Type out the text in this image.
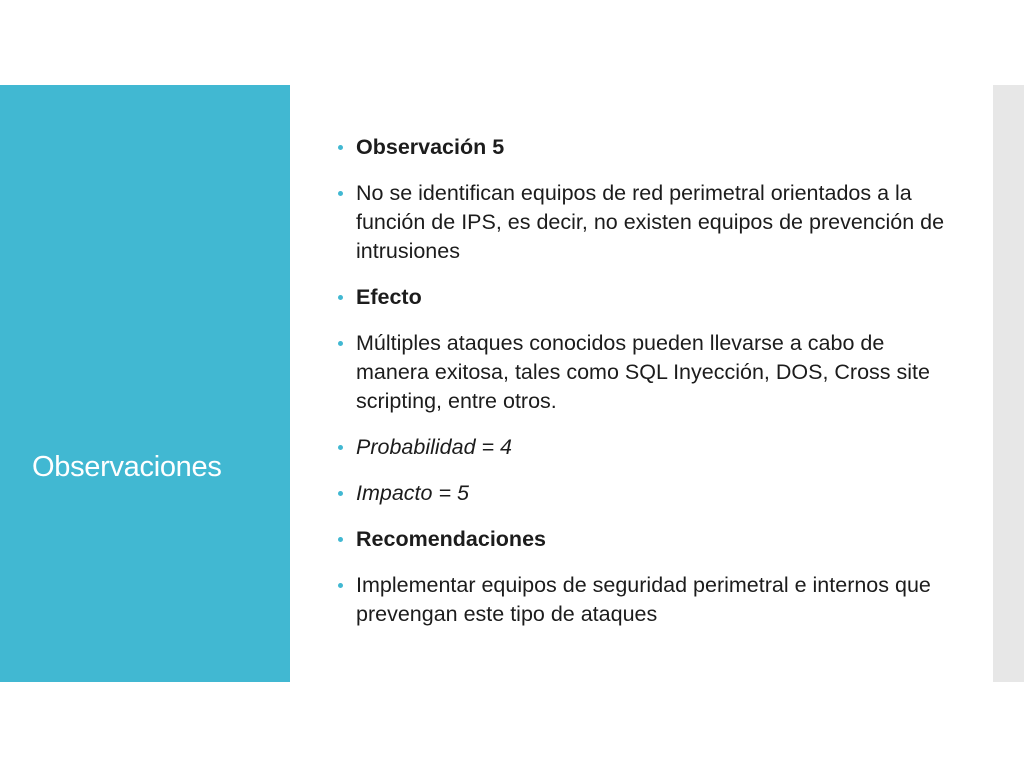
Observaciones
Observación 5
No se identifican equipos de red perimetral orientados a la función de IPS, es decir, no existen equipos de prevención de intrusiones
Efecto
Múltiples ataques conocidos pueden llevarse a cabo de manera exitosa, tales como SQL Inyección, DOS, Cross site scripting, entre otros.
Probabilidad = 4
Impacto = 5
Recomendaciones
Implementar equipos de seguridad perimetral e internos que prevengan este tipo de ataques
